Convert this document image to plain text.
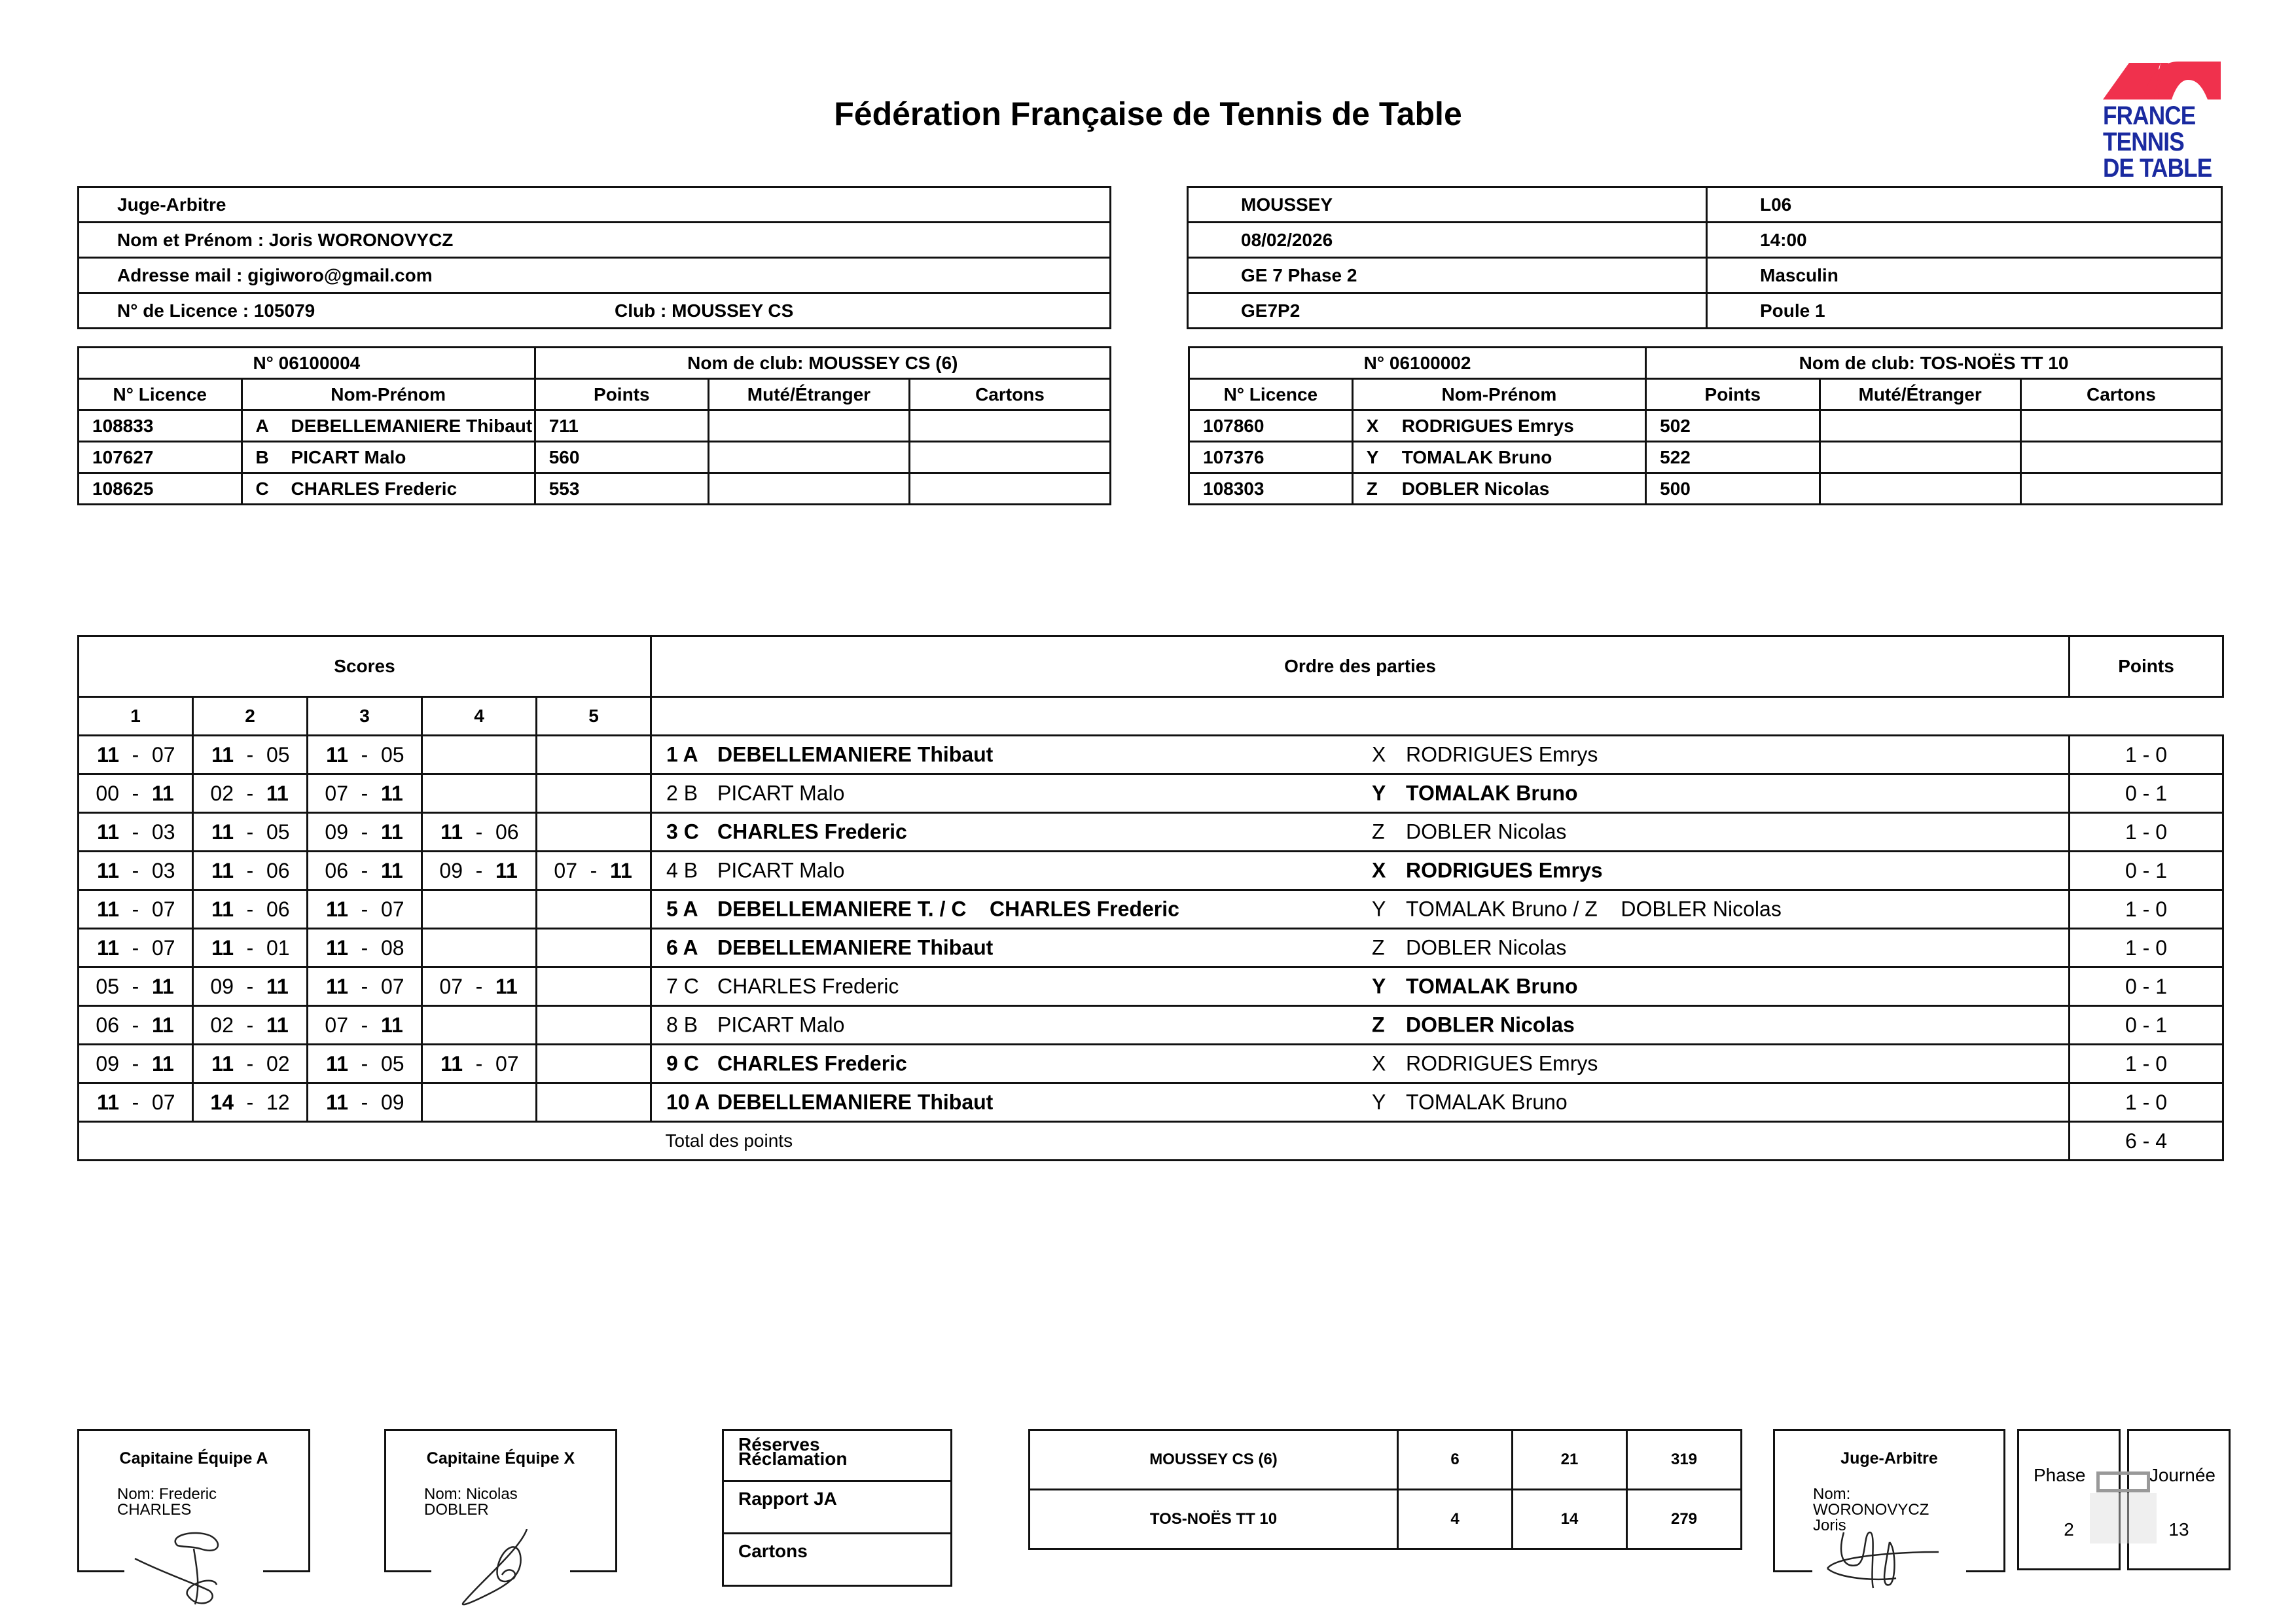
Fédération Française de Tennis de Table	FRANCE
TENNIS
DE TABLE
Juge-Arbitre
Nom et Prénom : Joris WORONOVYCZ
Adresse mail : gigiworo@gmail.com
N° de Licence : 105079	Club : MOUSSEY CS
MOUSSEY	L06
08/02/2026	14:00
GE 7 Phase 2	Masculin
GE7P2	Poule 1
N° 06100004		Nom de club: MOUSSEY CS (6)		
N° Licence	Nom-Prénom	Points	Muté/Étranger	Cartons
108833	A DEBELLEMANIERE Thibaut	711		
107627	B PICART Malo	560		
108625	C CHARLES Frederic	553		
N° 06100002		Nom de club: TOS-NOËS TT 10		
N° Licence	Nom-Prénom	Points	Muté/Étranger	Cartons
107860	X RODRIGUES Emrys	502		
107376	Y TOMALAK Bruno	522		
108303	Z DOBLER Nicolas	500		
Scores					Ordre des parties	Points
1	2	3	4	5		
11 - 07	11 - 05	11 - 05			1 A DEBELLEMANIERE Thibaut X RODRIGUES Emrys	1 - 0
00 - 11	02 - 11	07 - 11			2 B PICART Malo Y TOMALAK Bruno	0 - 1
11 - 03	11 - 05	09 - 11	11 - 06		3 C CHARLES Frederic Z DOBLER Nicolas	1 - 0
11 - 03	11 - 06	06 - 11	09 - 11	07 - 11	4 B PICART Malo X RODRIGUES Emrys	0 - 1
11 - 07	11 - 06	11 - 07			5 A DEBELLEMANIERE T. / C    CHARLES Frederic Y TOMALAK Bruno / Z    DOBLER Nicolas	1 - 0
11 - 07	11 - 01	11 - 08			6 A DEBELLEMANIERE Thibaut Z DOBLER Nicolas	1 - 0
05 - 11	09 - 11	11 - 07	07 - 11		7 C CHARLES Frederic Y TOMALAK Bruno	0 - 1
06 - 11	02 - 11	07 - 11			8 B PICART Malo Z DOBLER Nicolas	0 - 1
09 - 11	11 - 02	11 - 05	11 - 07		9 C CHARLES Frederic X RODRIGUES Emrys	1 - 0
11 - 07	14 - 12	11 - 09			10 A DEBELLEMANIERE Thibaut Y TOMALAK Bruno	1 - 0
					Total des points	6 - 4
Capitaine Équipe A
Nom: Frederic
CHARLES
Capitaine Équipe X
Nom: Nicolas
DOBLER
Réserves
Réclamation

Rapport JA
Cartons
MOUSSEY CS (6)	6	21	319
TOS-NOËS TT 10	4	14	279
Juge-Arbitre
Nom:
WORONOVYCZ
Joris
Phase
2
Journée
13
